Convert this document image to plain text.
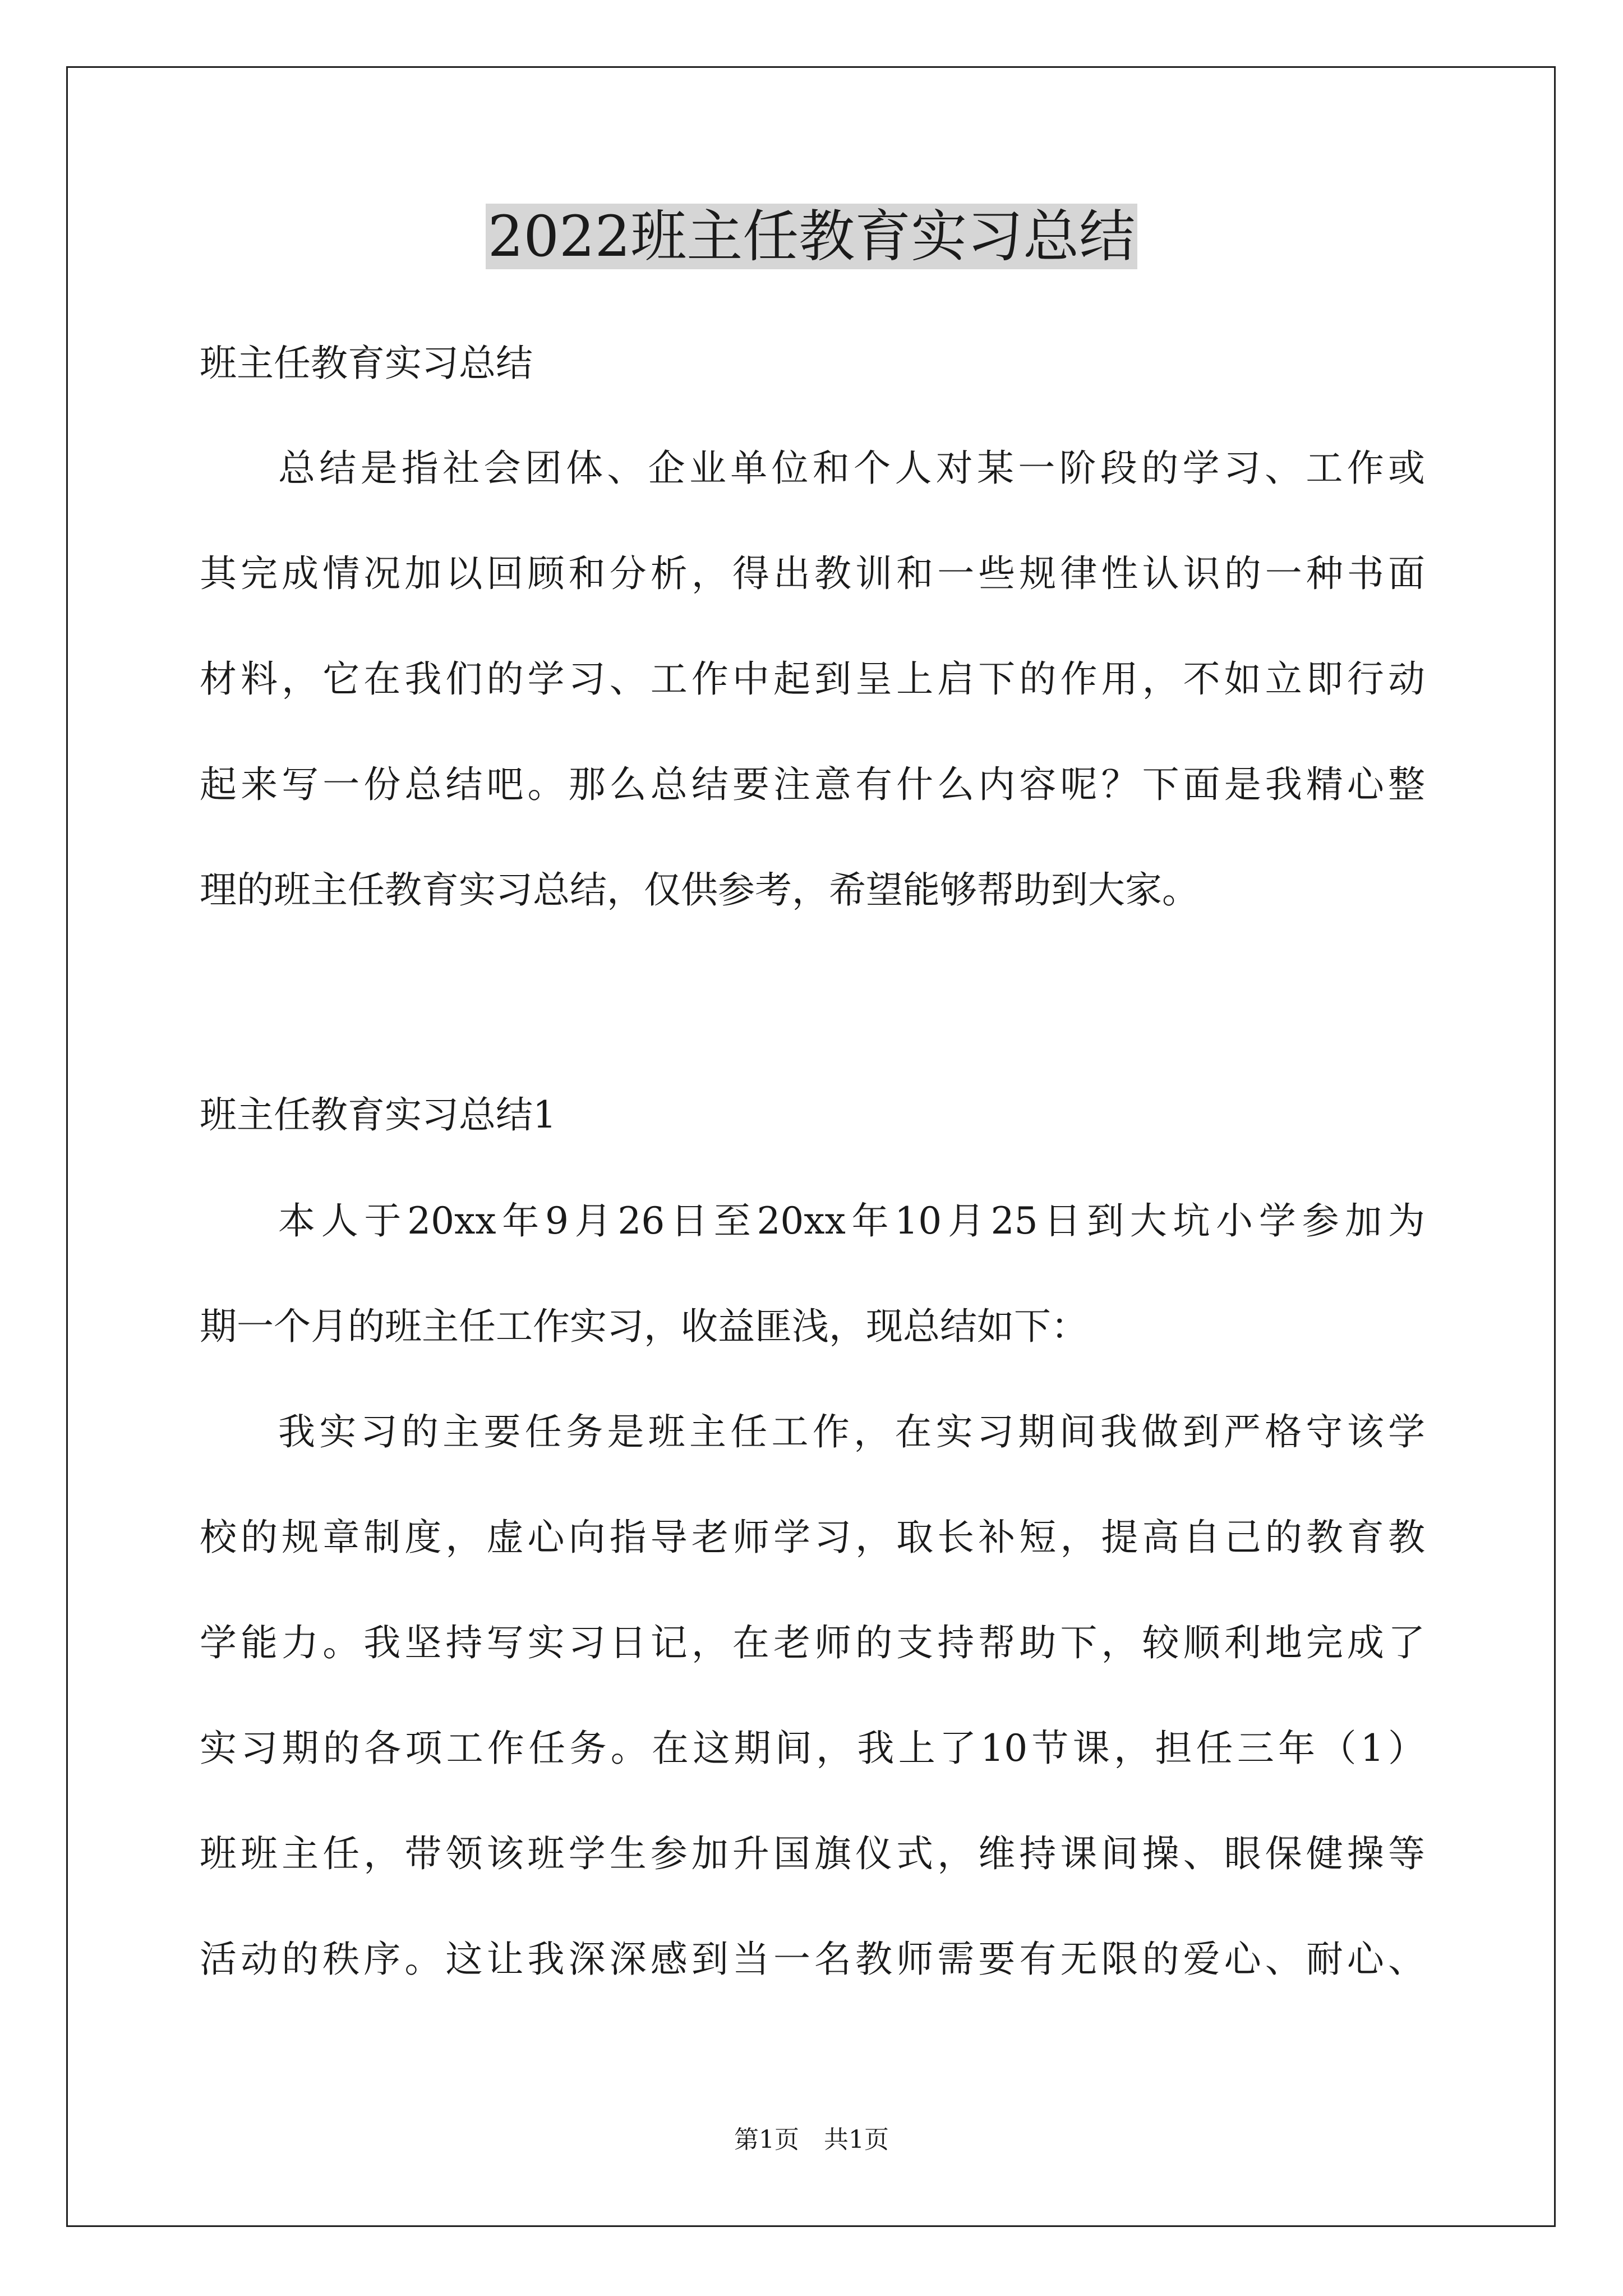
2022班主任教育实习总结

班主任教育实习总结

总结是指社会团体、企业单位和个人对某一阶段的学习、工作或

其完成情况加以回顾和分析，得出教训和一些规律性认识的一种书面

材料，它在我们的学习、工作中起到呈上启下的作用，不如立即行动

起来写一份总结吧。那么总结要注意有什么内容呢？下面是我精心整

理的班主任教育实习总结，仅供参考，希望能够帮助到大家。

班主任教育实习总结1

本人于20xx年9月26日至20xx年10月25日到大坑小学参加为

期一个月的班主任工作实习，收益匪浅，现总结如下：

我实习的主要任务是班主任工作，在实习期间我做到严格守该学

校的规章制度，虚心向指导老师学习，取长补短，提高自己的教育教

学能力。我坚持写实习日记，在老师的支持帮助下，较顺利地完成了

实习期的各项工作任务。在这期间，我上了10节课，担任三年（1）

班班主任，带领该班学生参加升国旗仪式，维持课间操、眼保健操等

活动的秩序。这让我深深感到当一名教师需要有无限的爱心、耐心、

第1页 共1页
